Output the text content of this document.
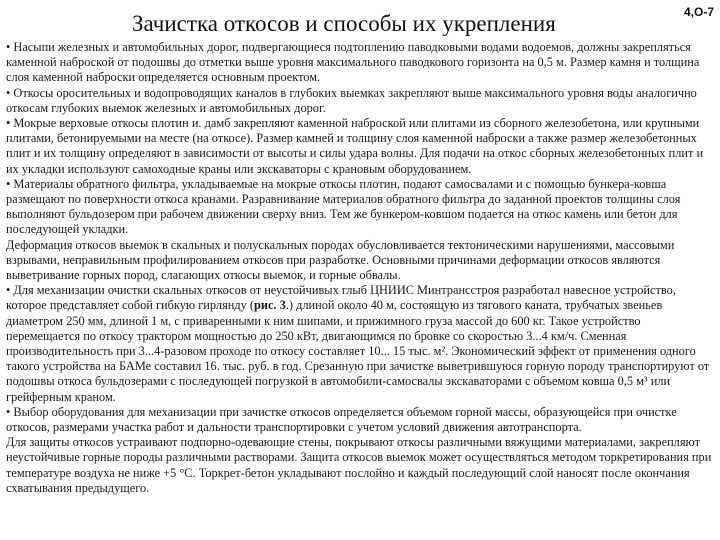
Зачистка откосов и способы их укрепления	4,О-7

• Насыпи железных и автомобильных дорог, подвергающиеся подтоплению паводковыми водами водоемов, должны закрепляться каменной наброской от подошвы до отметки выше уровня максимального паводкового горизонта на 0,5 м. Размер камня и толщина слоя каменной наброски определяется основным проектом.

• Откосы оросительных и водопроводящих каналов в глубоких выемках закрепляют выше максимального уровня воды аналогично откосам глубоких выемок железных и автомобильных дорог.

• Мокрые верховые откосы плотин и. дамб закрепляют каменной наброской или плитами из сборного железобетона, или крупными плитами, бетонируемыми на месте (на откосе). Размер камней и толщину слоя каменной наброски а также размер железобетонных плит и их толщину определяют в зависимости от высоты и силы удара волны. Для подачи на откос сборных железобетонных плит и их укладки используют самоходные краны или экскаваторы с крановым оборудованием.

• Материалы обратного фильтра, укладываемые на мокрые откосы плотин, подают самосвалами и с помощью бункера-ковша размещают по поверхности откоса кранами. Разравнивание материалов обратного фильтра до заданной проектов толщины слоя выполняют бульдозером при рабочем движении сверху вниз. Тем же бункером-ковшом подается на откос камень или бетон для последующей укладки.

Деформация откосов выемок в скальных и полускальных породах обусловливается тектоническими нарушениями, массовыми взрывами, неправильным профилированием откосов при разработке. Основными причинами деформации откосов являются выветривание горных пород, слагающих откосы выемок, и горные обвалы.

• Для механизации очистки скальных откосов от неустойчивых глыб ЦНИИС Минтрансстроя разработал навесное устройство, которое представляет собой гибкую гирлянду (рис. 3.) длиной около 40 м, состоящую из тягового каната, трубчатых звеньев диаметром 250 мм, длиной 1 м, с приваренными к ним шипами, и прижимного груза массой до 600 кг. Такое устройство перемещается по откосу трактором мощностью до 250 кВт, двигающимся по бровке со скоростью 3...4 км/ч. Сменная производительность при 3...4-разовом проходе по откосу составляет 10... 15 тыс. м². Экономический эффект от применения одного такого устройства на БАМе составил 16. тыс. руб. в год. Срезанную при зачистке выветрившуюся горную породу транспортируют от подошвы откоса бульдозерами с последующей погрузкой в автомобили-самосвалы экскаваторами с объемом ковша 0,5 м³ или грейферным краном.

• Выбор оборудования для механизации при зачистке откосов определяется объемом горной массы, образующейся при очистке откосов, размерами участка работ и дальности транспортировки с учетом условий движения автотранспорта.

Для защиты откосов устраивают подпорно-одевающие стены, покрывают откосы различными вяжущими материалами, закрепляют неустойчивые горные породы различными растворами. Защита откосов выемок может осуществляться методом торкретирования при температуре воздуха не ниже +5 °С. Торкрет-бетон укладывают послойно и каждый последующий слой наносят после окончания схватывания предыдущего.
